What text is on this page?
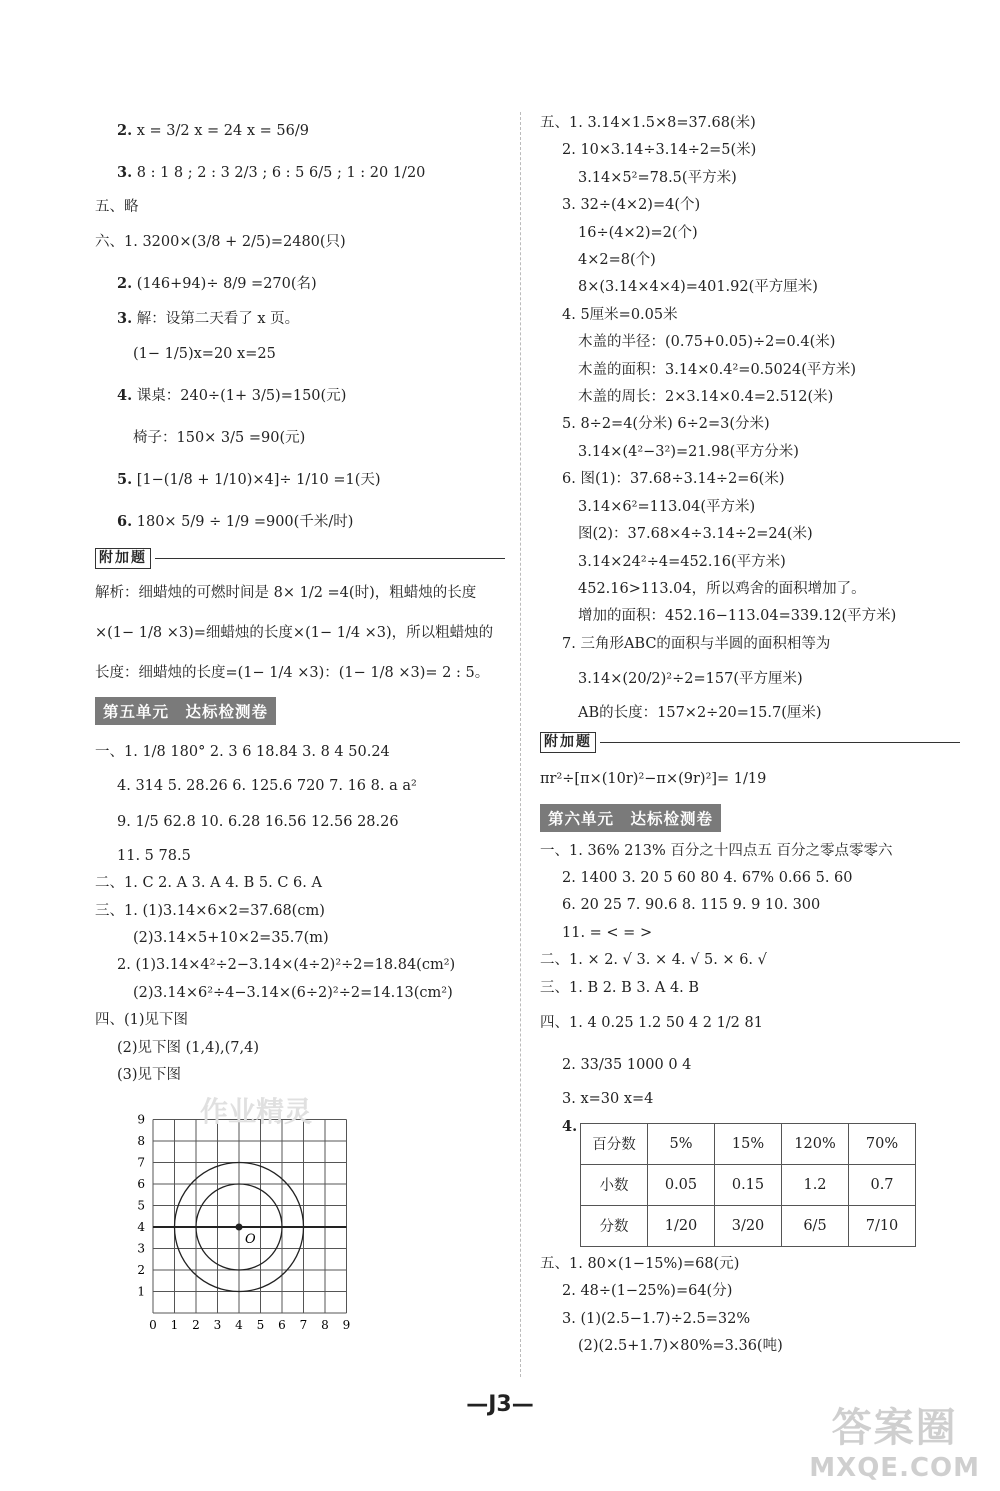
2. x = 3/2 x = 24 x = 56/9
3. 8 : 1 8 ; 2 : 3 2/3 ; 6 : 5 6/5 ; 1 : 20 1/20
五、略
六、1. 3200×(3/8 + 2/5)=2480(只)
2. (146+94)÷ 8/9 =270(名)
3. 解：设第二天看了 x 页。
(1− 1/5)x=20 x=25
4. 课桌：240÷(1+ 3/5)=150(元)
椅子：150× 3/5 =90(元)
5. [1−(1/8 + 1/10)×4]÷ 1/10 =1(天)
6. 180× 5/9 ÷ 1/9 =900(千米/时)
附加题
解析：细蜡烛的可燃时间是 8× 1/2 =4(时)，粗蜡烛的长度×(1− 1/8 ×3)=细蜡烛的长度×(1− 1/4 ×3)，所以粗蜡烛的长度：细蜡烛的长度=(1− 1/4 ×3)：(1− 1/8 ×3)= 2 : 5。
第五单元　达标检测卷
一、1. 1/8 180° 2. 3 6 18.84 3. 8 4 50.24
4. 314 5. 28.26 6. 125.6 720 7. 16 8. a a²
9. 1/5 62.8 10. 6.28 16.56 12.56 28.26
11. 5 78.5
二、1. C 2. A 3. A 4. B 5. C 6. A
三、1. (1)3.14×6×2=37.68(cm)
(2)3.14×5+10×2=35.7(m)
2. (1)3.14×4²÷2−3.14×(4÷2)²÷2=18.84(cm²)
(2)3.14×6²÷4−3.14×(6÷2)²÷2=14.13(cm²)
四、(1)见下图
(2)见下图 (1,4),(7,4)
(3)见下图
0 1 2 3 4 5 6 7 8 9
1
2
3
4
5
6
7
8
9
O
五、1. 3.14×1.5×8=37.68(米)
2. 10×3.14÷3.14÷2=5(米)
3.14×5²=78.5(平方米)
3. 32÷(4×2)=4(个)
16÷(4×2)=2(个)
4×2=8(个)
8×(3.14×4×4)=401.92(平方厘米)
4. 5厘米=0.05米
木盖的半径：(0.75+0.05)÷2=0.4(米)
木盖的面积：3.14×0.4²=0.5024(平方米)
木盖的周长：2×3.14×0.4=2.512(米)
5. 8÷2=4(分米) 6÷2=3(分米)
3.14×(4²−3²)=21.98(平方分米)
6. 图(1)：37.68÷3.14÷2=6(米)
3.14×6²=113.04(平方米)
图(2)：37.68×4÷3.14÷2=24(米)
3.14×24²÷4=452.16(平方米)
452.16>113.04，所以鸡舍的面积增加了。
增加的面积：452.16−113.04=339.12(平方米)
7. 三角形ABC的面积与半圆的面积相等为
3.14×(20/2)²÷2=157(平方厘米)
AB的长度：157×2÷20=15.7(厘米)
附加题
πr²÷[π×(10r)²−π×(9r)²]= 1/19
第六单元　达标检测卷
一、1. 36% 213% 百分之十四点五 百分之零点零零六
2. 1400 3. 20 5 60 80 4. 67% 0.66 5. 60
6. 20 25 7. 90.6 8. 115 9. 9 10. 300
11. = < = >
二、1. × 2. √ 3. × 4. √ 5. × 6. √
三、1. B 2. B 3. A 4. B
四、1. 4 0.25 1.2 50 4 2 1/2 81
2. 33/35 1000 0 4
3. x=30 x=4
4.
百分数	5%	15%	120%	70%
小数	0.05	0.15	1.2	0.7
分数	1/20	3/20	6/5	7/10
五、1. 80×(1−15%)=68(元)
2. 48÷(1−25%)=64(分)
3. (1)(2.5−1.7)÷2.5=32%
(2)(2.5+1.7)×80%=3.36(吨)
作业精灵
—J3—
答案圈
MXQE.COM
